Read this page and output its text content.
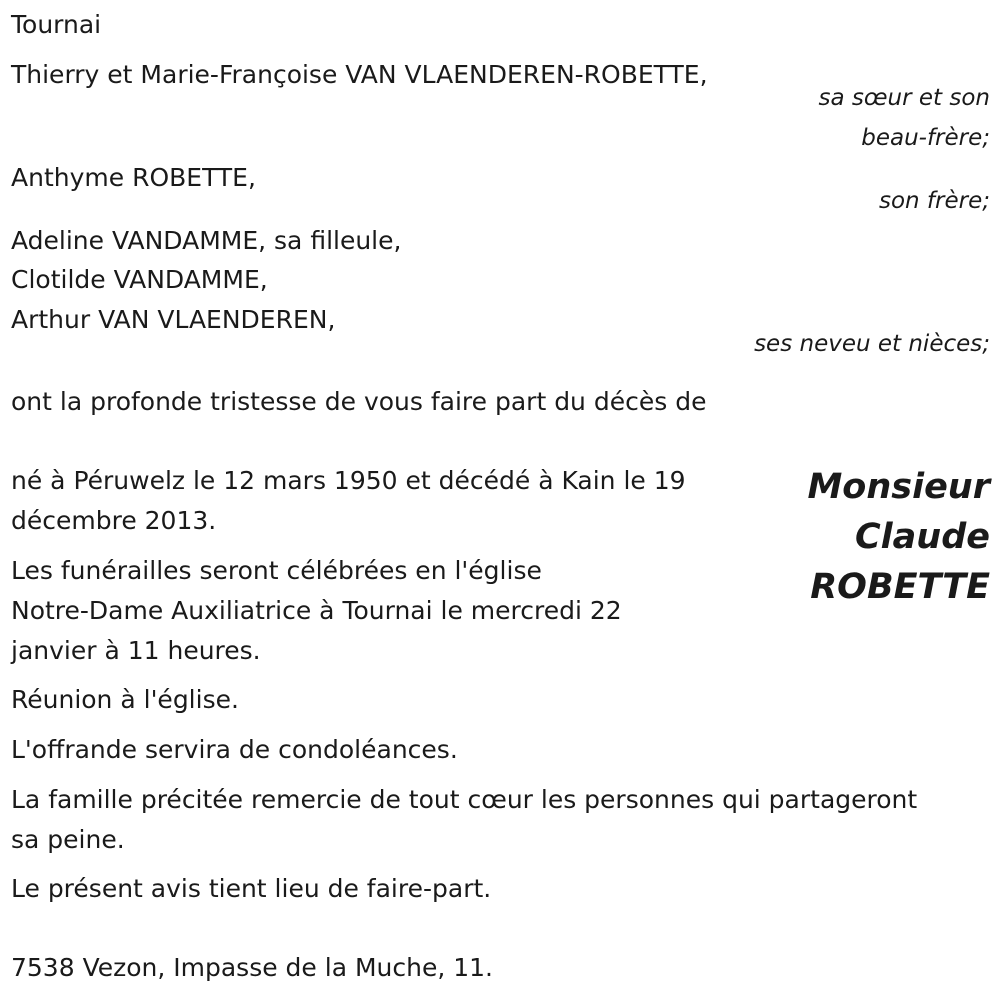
Tournai

Thierry et Marie-Françoise VAN VLAENDEREN-ROBETTE,

sa sœur et son

beau-frère;

Anthyme ROBETTE,

son frère;

Adeline VANDAMME, sa filleule,

Clotilde VANDAMME,

Arthur VAN VLAENDEREN,

ses neveu et nièces;

ont la profonde tristesse de vous faire part du décès de

Monsieur
Claude
ROBETTE

né à Péruwelz le 12 mars 1950 et décédé à Kain le 19

décembre 2013.

Les funérailles seront célébrées en l'église

Notre-Dame Auxiliatrice à Tournai le mercredi 22

janvier à 11 heures.

Réunion à l'église.

L'offrande servira de condoléances.

La famille précitée remercie de tout cœur les personnes qui partageront

sa peine.

Le présent avis tient lieu de faire-part.

7538 Vezon, Impasse de la Muche, 11.
